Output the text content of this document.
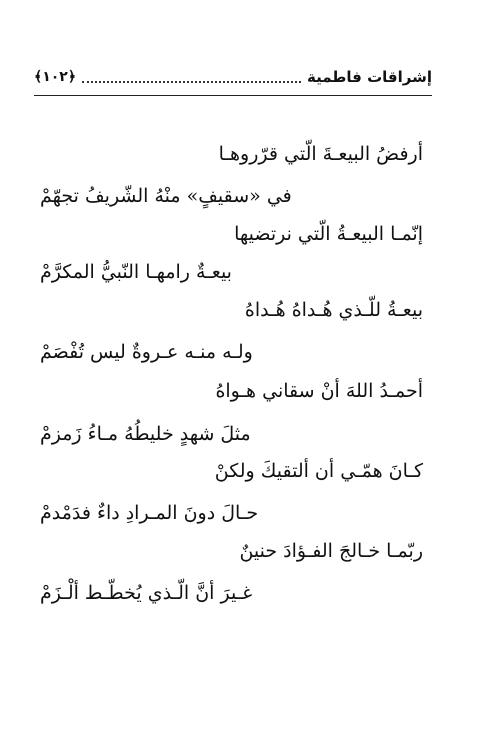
إشراقات فاطمية
﴿١٠٢﴾
أرفضُ البيعـةَ الّتي قرّروهـا
في «سقيفٍ» منْهُ الشّريفُ تجهّمْ
إنّمـا البيعـةُ الّتي نرتضيها
بيعـةٌ رامهـا النّبيُّ المكرَّمْ
بيعـةُ للّـذي هُـداهُ هُـداهُ
ولـه منـه عـروةٌ ليس تُفْصَمْ
أحمـدُ اللهَ أنْ سقاني هـواهُ
مثلَ شهدٍ خليطُهُ مـاءُ زَمزمْ
كـانَ همّـي أن ألتقيكَ ولكنْ
حـالَ دونَ المـرادِ داءٌ فدَمْدمْ
ربّمـا خـالجَ الفـؤادَ حنينٌ
غـيرَ أنَّ الّـذي يُخطّـط ألْـزَمْ
